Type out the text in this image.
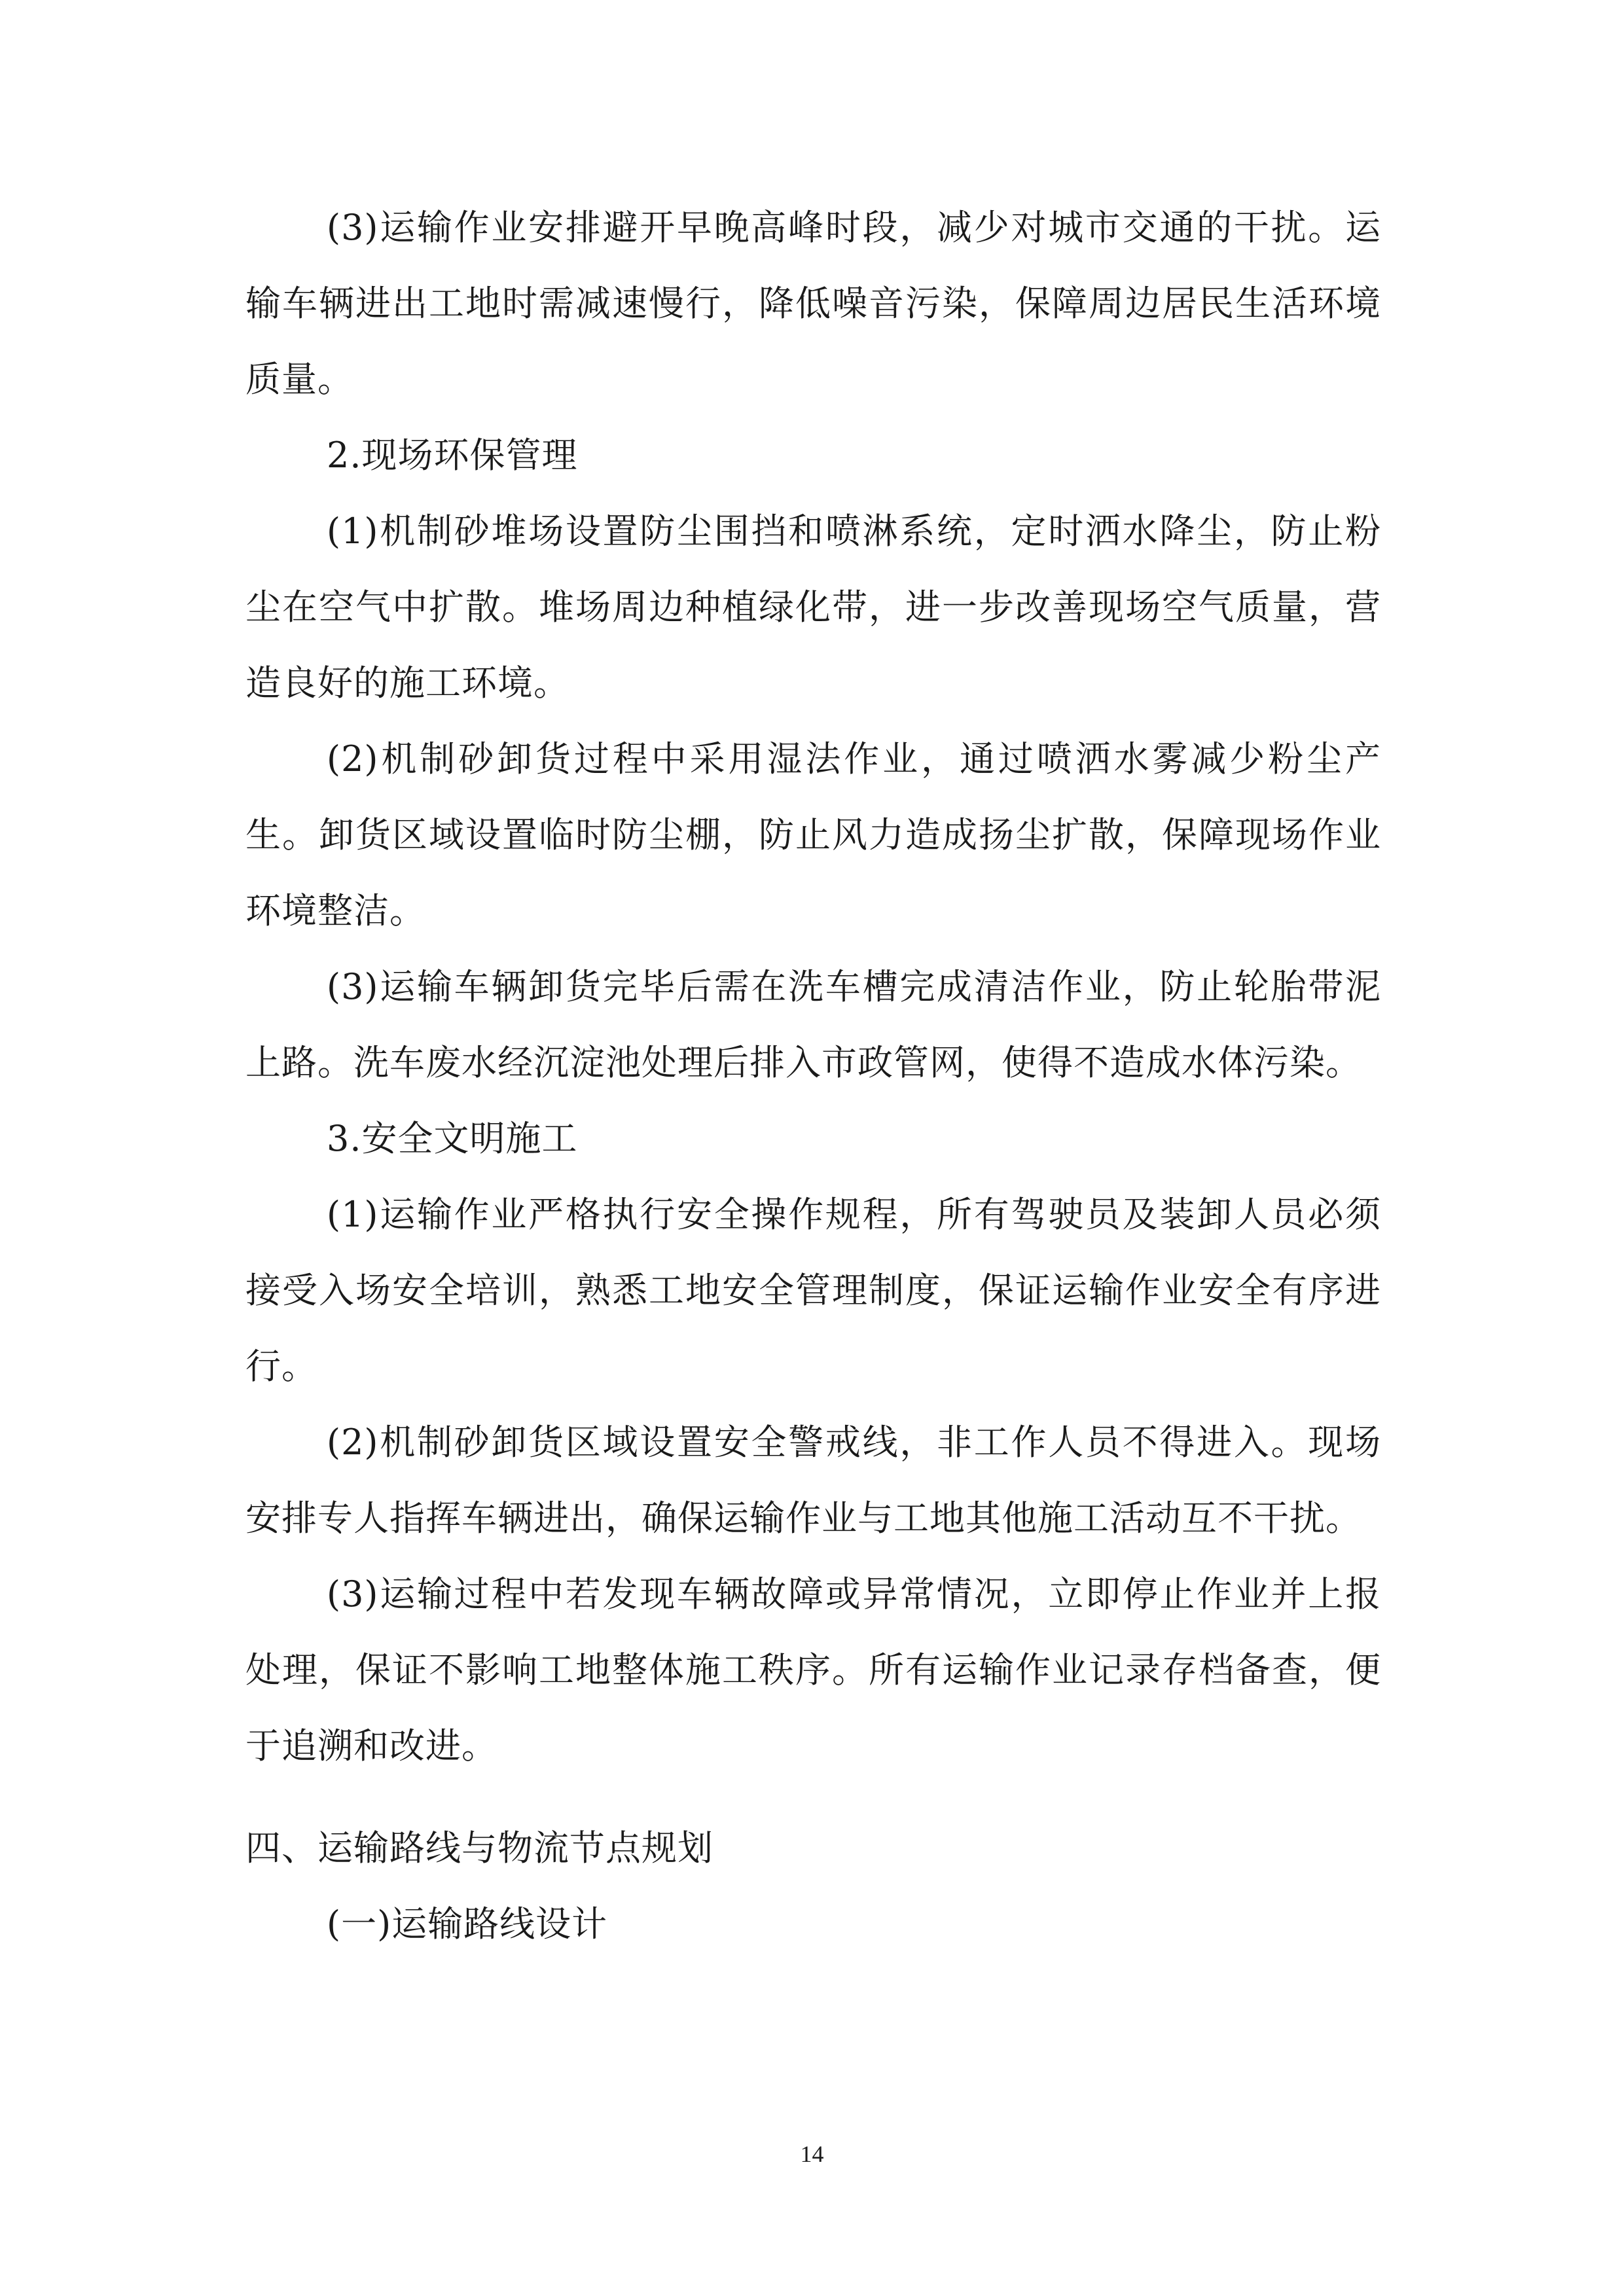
(3)运输作业安排避开早晚高峰时段，减少对城市交通的干扰。运输车辆进出工地时需减速慢行，降低噪音污染，保障周边居民生活环境质量。

2.现场环保管理

(1)机制砂堆场设置防尘围挡和喷淋系统，定时洒水降尘，防止粉尘在空气中扩散。堆场周边种植绿化带，进一步改善现场空气质量，营造良好的施工环境。

(2)机制砂卸货过程中采用湿法作业，通过喷洒水雾减少粉尘产生。卸货区域设置临时防尘棚，防止风力造成扬尘扩散，保障现场作业环境整洁。

(3)运输车辆卸货完毕后需在洗车槽完成清洁作业，防止轮胎带泥上路。洗车废水经沉淀池处理后排入市政管网，使得不造成水体污染。

3.安全文明施工

(1)运输作业严格执行安全操作规程，所有驾驶员及装卸人员必须接受入场安全培训，熟悉工地安全管理制度，保证运输作业安全有序进行。

(2)机制砂卸货区域设置安全警戒线，非工作人员不得进入。现场安排专人指挥车辆进出，确保运输作业与工地其他施工活动互不干扰。

(3)运输过程中若发现车辆故障或异常情况，立即停止作业并上报处理，保证不影响工地整体施工秩序。所有运输作业记录存档备查，便于追溯和改进。

四、运输路线与物流节点规划

(一)运输路线设计

14
